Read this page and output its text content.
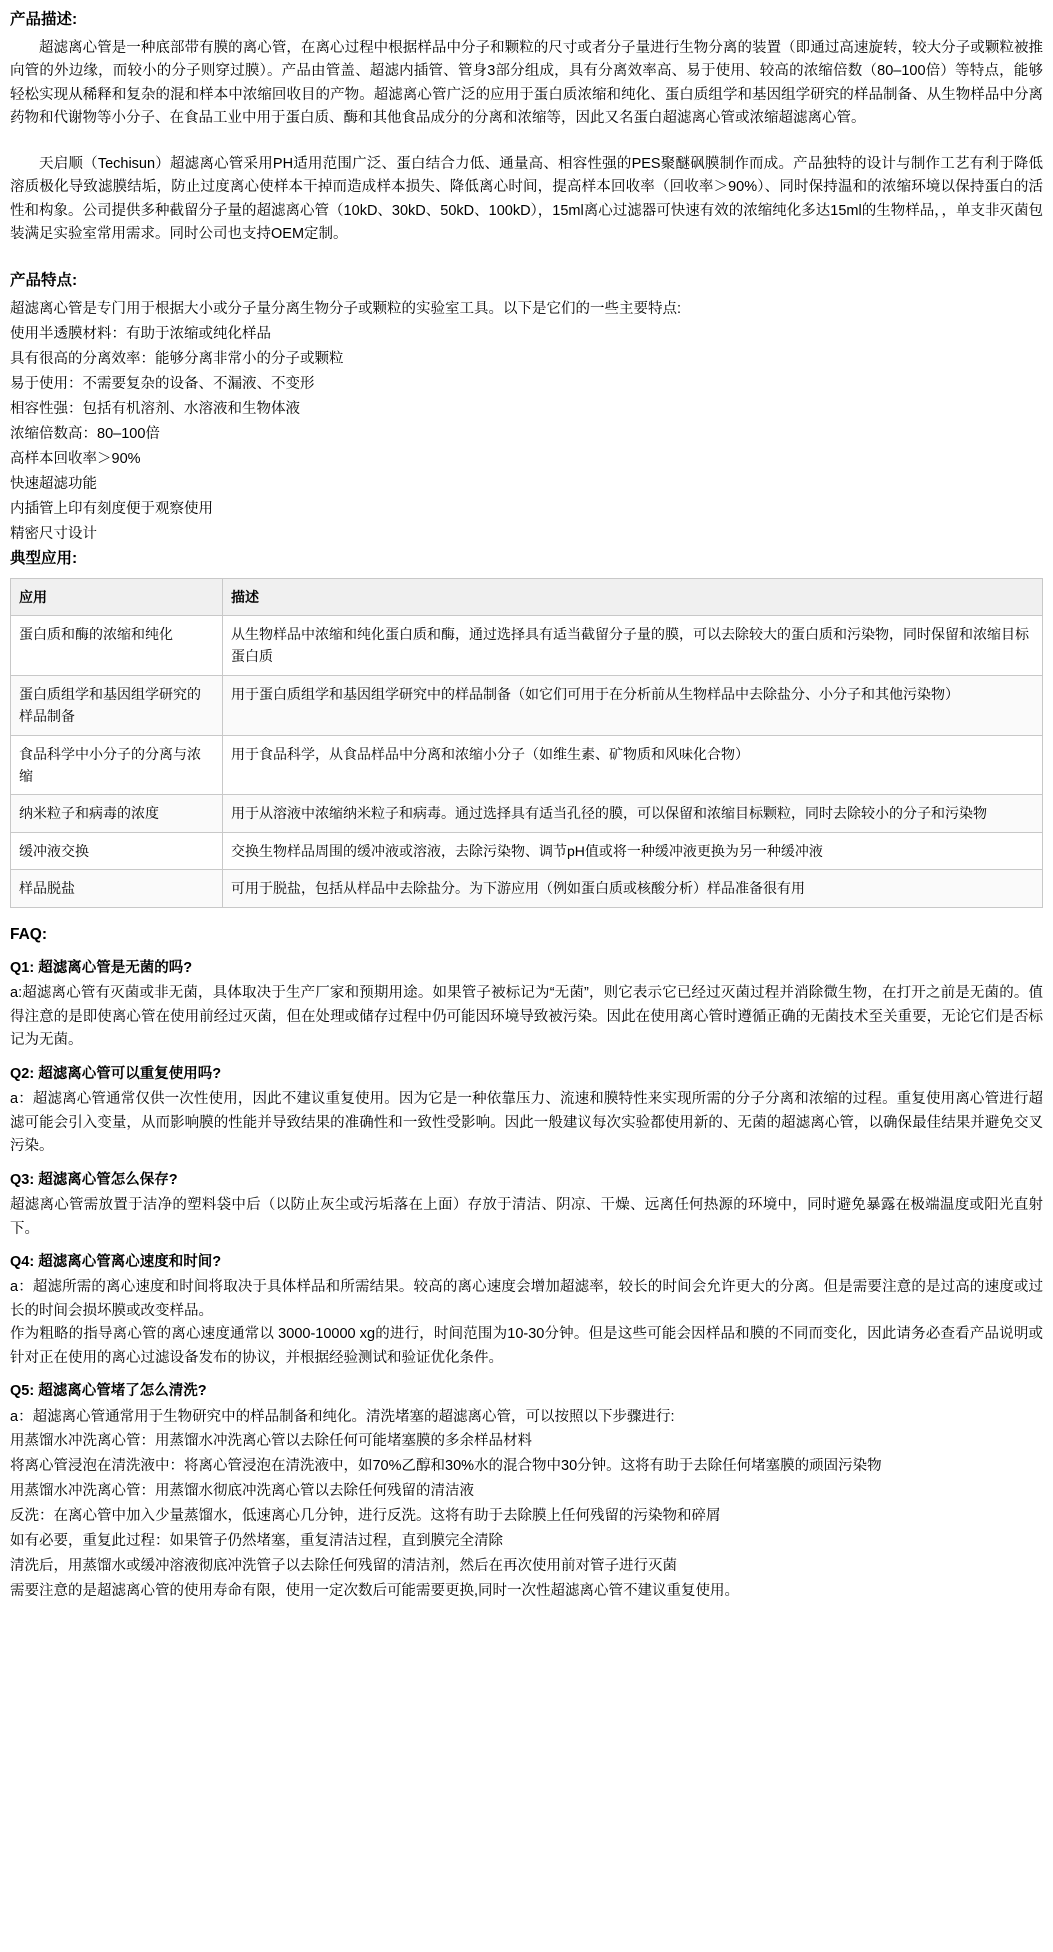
产品描述:

超滤离心管是一种底部带有膜的离心管，在离心过程中根据样品中分子和颗粒的尺寸或者分子量进行生物分离的装置（即通过高速旋转，较大分子或颗粒被推向管的外边缘，而较小的分子则穿过膜）。产品由管盖、超滤内插管、管身3部分组成，具有分离效率高、易于使用、较高的浓缩倍数（80–100倍）等特点，能够轻松实现从稀释和复杂的混和样本中浓缩回收目的产物。超滤离心管广泛的应用于蛋白质浓缩和纯化、蛋白质组学和基因组学研究的样品制备、从生物样品中分离药物和代谢物等小分子、在食品工业中用于蛋白质、酶和其他食品成分的分离和浓缩等，因此又名蛋白超滤离心管或浓缩超滤离心管。

天启顺（Techisun）超滤离心管采用PH适用范围广泛、蛋白结合力低、通量高、相容性强的PES聚醚砜膜制作而成。产品独特的设计与制作工艺有利于降低溶质极化导致滤膜结垢，防止过度离心使样本干掉而造成样本损失、降低离心时间，提高样本回收率（回收率＞90%）、同时保持温和的浓缩环境以保持蛋白的活性和构象。公司提供多种截留分子量的超滤离心管（10kD、30kD、50kD、100kD），15ml离心过滤器可快速有效的浓缩纯化多达15ml的生物样品，，单支非灭菌包装满足实验室常用需求。同时公司也支持OEM定制。

产品特点:

超滤离心管是专门用于根据大小或分子量分离生物分子或颗粒的实验室工具。以下是它们的一些主要特点:

使用半透膜材料：有助于浓缩或纯化样品

具有很高的分离效率：能够分离非常小的分子或颗粒

易于使用：不需要复杂的设备、不漏液、不变形

相容性强：包括有机溶剂、水溶液和生物体液

浓缩倍数高：80–100倍

高样本回收率＞90%

快速超滤功能

内插管上印有刻度便于观察使用

精密尺寸设计

典型应用:
应用	描述
蛋白质和酶的浓缩和纯化	从生物样品中浓缩和纯化蛋白质和酶，通过选择具有适当截留分子量的膜，可以去除较大的蛋白质和污染物，同时保留和浓缩目标蛋白质
蛋白质组学和基因组学研究的样品制备	用于蛋白质组学和基因组学研究中的样品制备（如它们可用于在分析前从生物样品中去除盐分、小分子和其他污染物）
食品科学中小分子的分离与浓缩	用于食品科学，从食品样品中分离和浓缩小分子（如维生素、矿物质和风味化合物）
纳米粒子和病毒的浓度	用于从溶液中浓缩纳米粒子和病毒。通过选择具有适当孔径的膜，可以保留和浓缩目标颗粒，同时去除较小的分子和污染物
缓冲液交换	交换生物样品周围的缓冲液或溶液，去除污染物、调节pH值或将一种缓冲液更换为另一种缓冲液
样品脱盐	可用于脱盐，包括从样品中去除盐分。为下游应用（例如蛋白质或核酸分析）样品准备很有用
FAQ:

Q1: 超滤离心管是无菌的吗?

a:超滤离心管有灭菌或非无菌，具体取决于生产厂家和预期用途。如果管子被标记为“无菌”，则它表示它已经过灭菌过程并消除微生物，在打开之前是无菌的。值得注意的是即使离心管在使用前经过灭菌，但在处理或储存过程中仍可能因环境导致被污染。因此在使用离心管时遵循正确的无菌技术至关重要，无论它们是否标记为无菌。

Q2: 超滤离心管可以重复使用吗?

a：超滤离心管通常仅供一次性使用，因此不建议重复使用。因为它是一种依靠压力、流速和膜特性来实现所需的分子分离和浓缩的过程。重复使用离心管进行超滤可能会引入变量，从而影响膜的性能并导致结果的准确性和一致性受影响。因此一般建议每次实验都使用新的、无菌的超滤离心管，以确保最佳结果并避免交叉污染。

Q3: 超滤离心管怎么保存?

超滤离心管需放置于洁净的塑料袋中后（以防止灰尘或污垢落在上面）存放于清洁、阴凉、干燥、远离任何热源的环境中，同时避免暴露在极端温度或阳光直射下。

Q4: 超滤离心管离心速度和时间?

a：超滤所需的离心速度和时间将取决于具体样品和所需结果。较高的离心速度会增加超滤率，较长的时间会允许更大的分离。但是需要注意的是过高的速度或过长的时间会损坏膜或改变样品。

作为粗略的指导离心管的离心速度通常以 3000-10000 xg的进行，时间范围为10-30分钟。但是这些可能会因样品和膜的不同而变化，因此请务必查看产品说明或针对正在使用的离心过滤设备发布的协议，并根据经验测试和验证优化条件。

Q5: 超滤离心管堵了怎么清洗?

a：超滤离心管通常用于生物研究中的样品制备和纯化。清洗堵塞的超滤离心管，可以按照以下步骤进行:

用蒸馏水冲洗离心管：用蒸馏水冲洗离心管以去除任何可能堵塞膜的多余样品材料

将离心管浸泡在清洗液中：将离心管浸泡在清洗液中，如70%乙醇和30%水的混合物中30分钟。这将有助于去除任何堵塞膜的顽固污染物

用蒸馏水冲洗离心管：用蒸馏水彻底冲洗离心管以去除任何残留的清洁液

反洗：在离心管中加入少量蒸馏水，低速离心几分钟，进行反洗。这将有助于去除膜上任何残留的污染物和碎屑

如有必要，重复此过程：如果管子仍然堵塞，重复清洁过程，直到膜完全清除

清洗后，用蒸馏水或缓冲溶液彻底冲洗管子以去除任何残留的清洁剂，然后在再次使用前对管子进行灭菌

需要注意的是超滤离心管的使用寿命有限，使用一定次数后可能需要更换,同时一次性超滤离心管不建议重复使用。
